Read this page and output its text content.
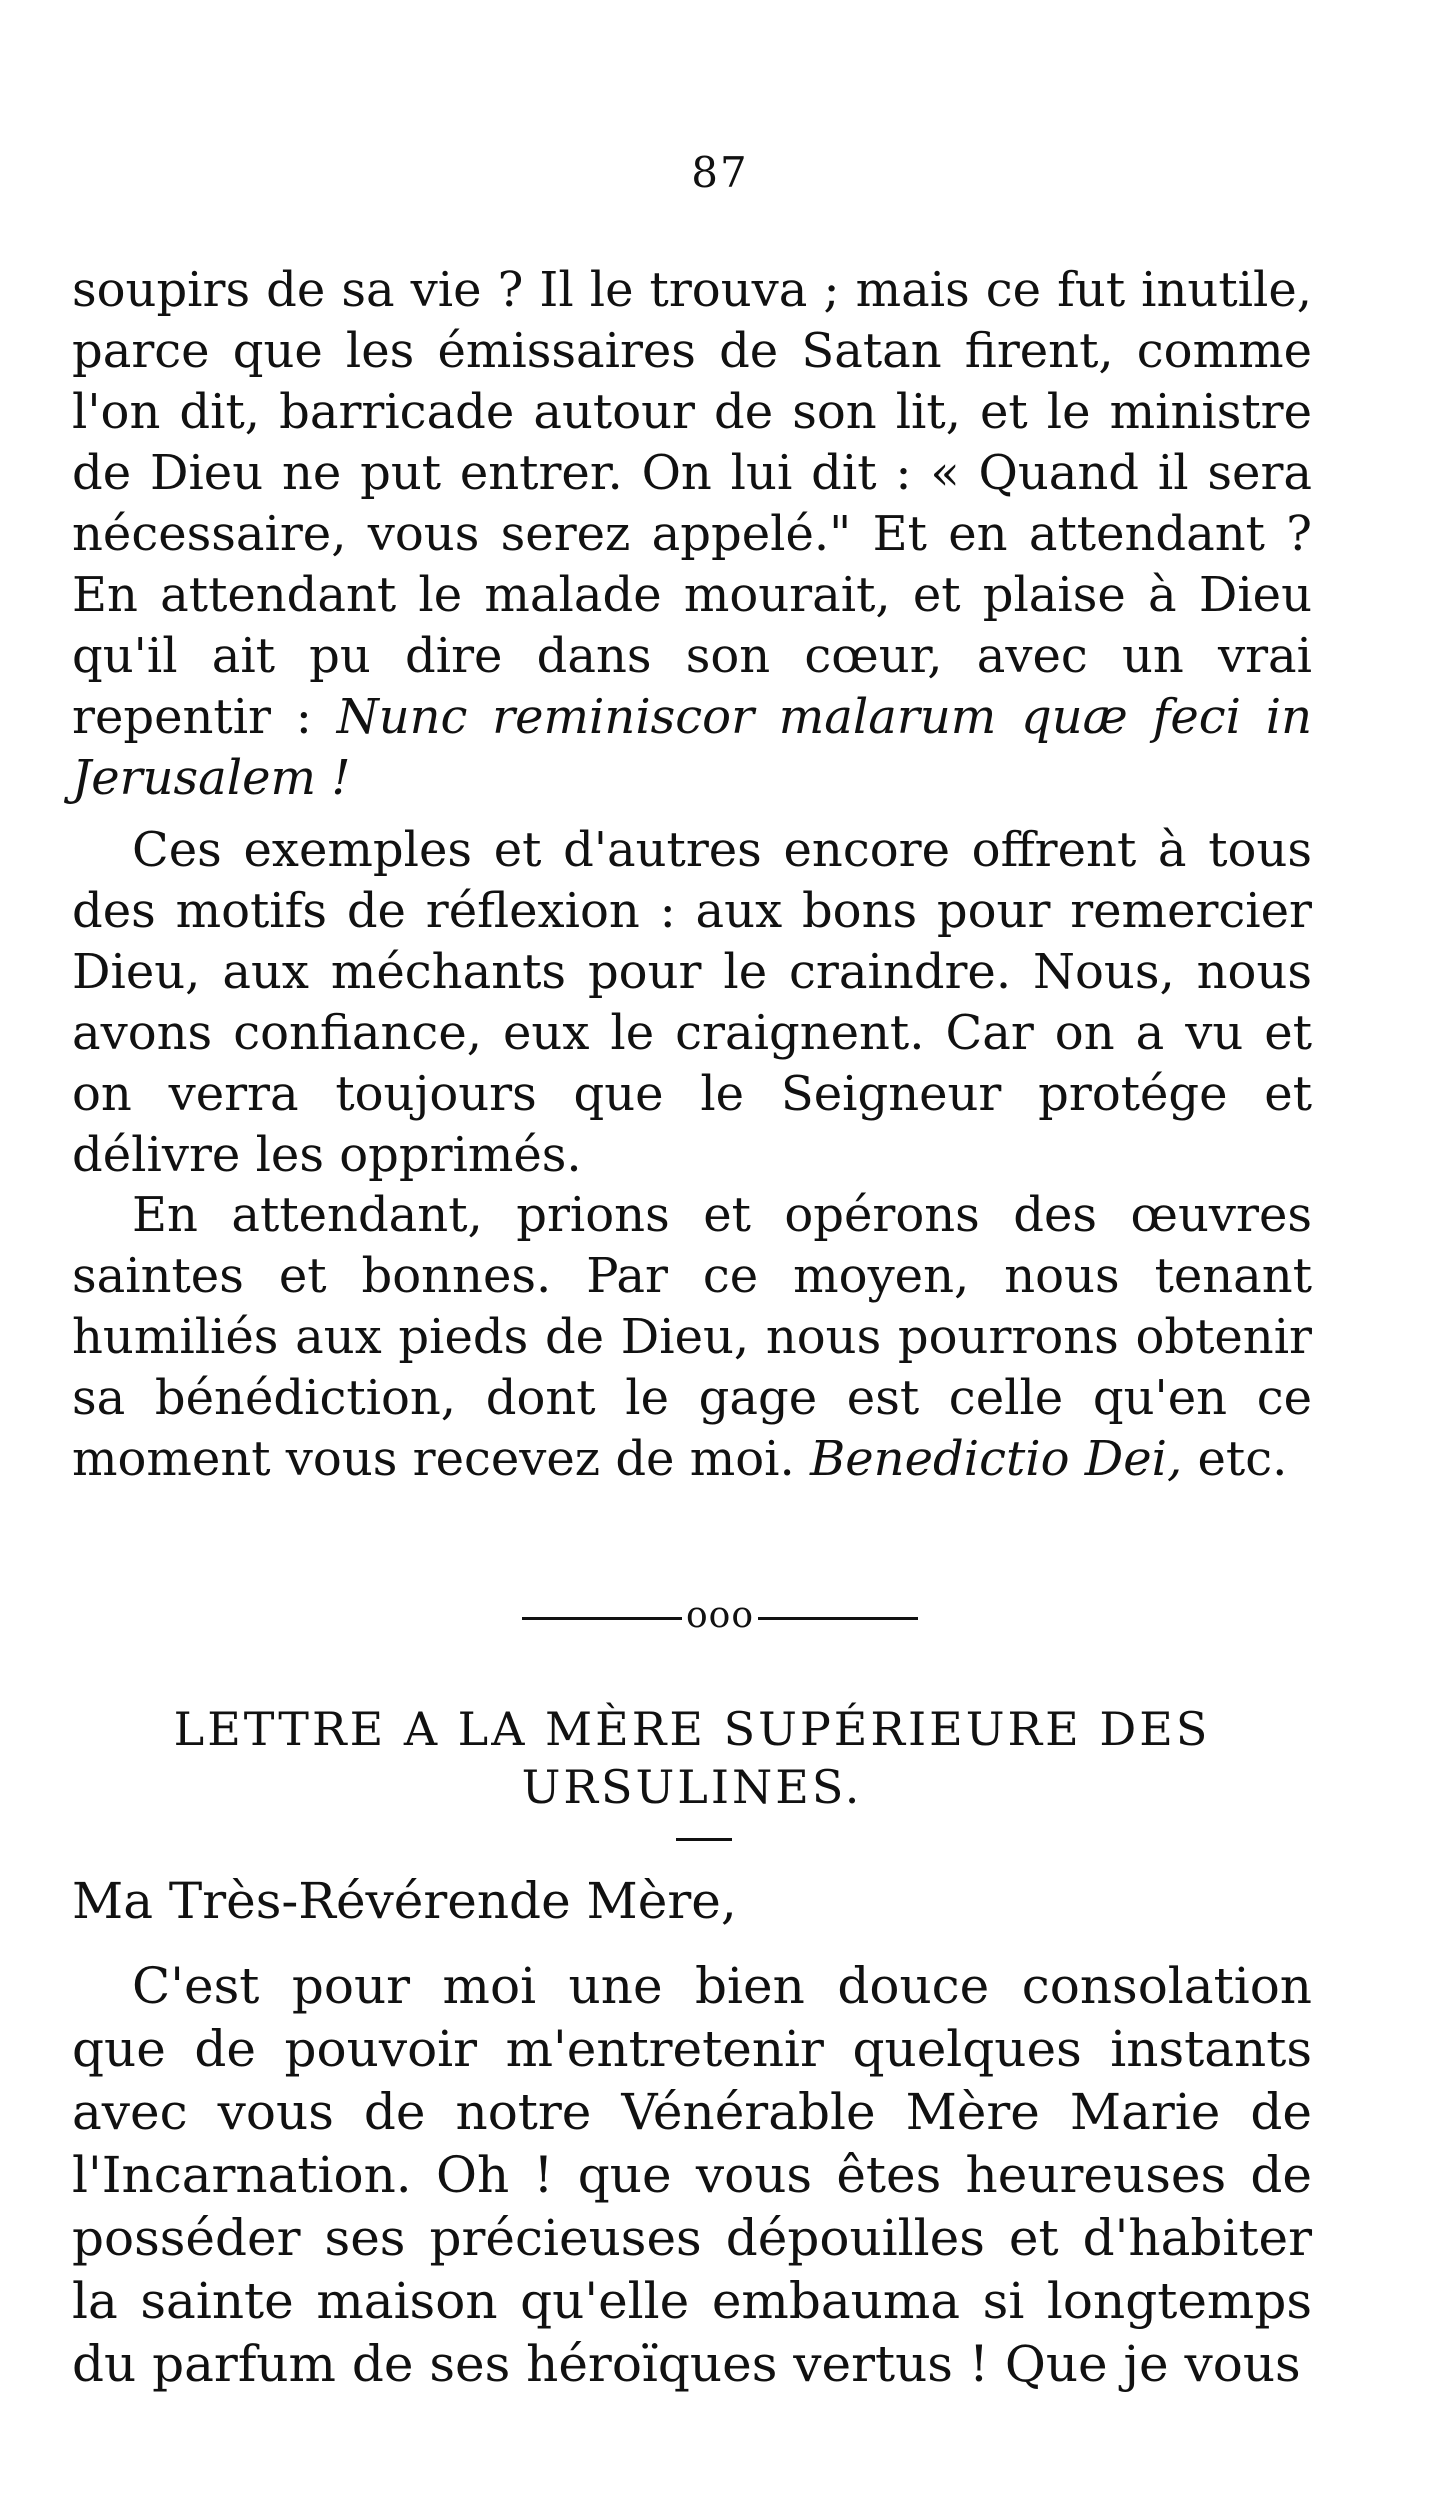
87

soupirs de sa vie ? Il le trouva ; mais ce fut inutile, parce que les émissaires de Satan firent, comme l'on dit, barricade autour de son lit, et le ministre de Dieu ne put entrer. On lui dit : « Quand il sera nécessaire, vous serez appelé." Et en attendant ? En attendant le malade mourait, et plaise à Dieu qu'il ait pu dire dans son cœur, avec un vrai repentir : Nunc reminiscor malarum quæ feci in Jerusalem !

Ces exemples et d'autres encore offrent à tous des motifs de réflexion : aux bons pour remercier Dieu, aux méchants pour le craindre. Nous, nous avons confiance, eux le craignent. Car on a vu et on verra toujours que le Seigneur protége et délivre les opprimés.

En attendant, prions et opérons des œuvres saintes et bonnes. Par ce moyen, nous tenant humiliés aux pieds de Dieu, nous pourrons obtenir sa bénédiction, dont le gage est celle qu'en ce moment vous recevez de moi. Benedictio Dei, etc.

ooo
LETTRE A LA MÈRE SUPÉRIEURE DES
URSULINES.
Ma Très-Révérende Mère,
C'est pour moi une bien douce consolation que de pouvoir m'entretenir quelques instants avec vous de notre Vénérable Mère Marie de l'Incarnation. Oh ! que vous êtes heureuses de posséder ses précieuses dépouilles et d'habiter la sainte maison qu'elle embauma si longtemps du parfum de ses héroïques vertus ! Que je vous
